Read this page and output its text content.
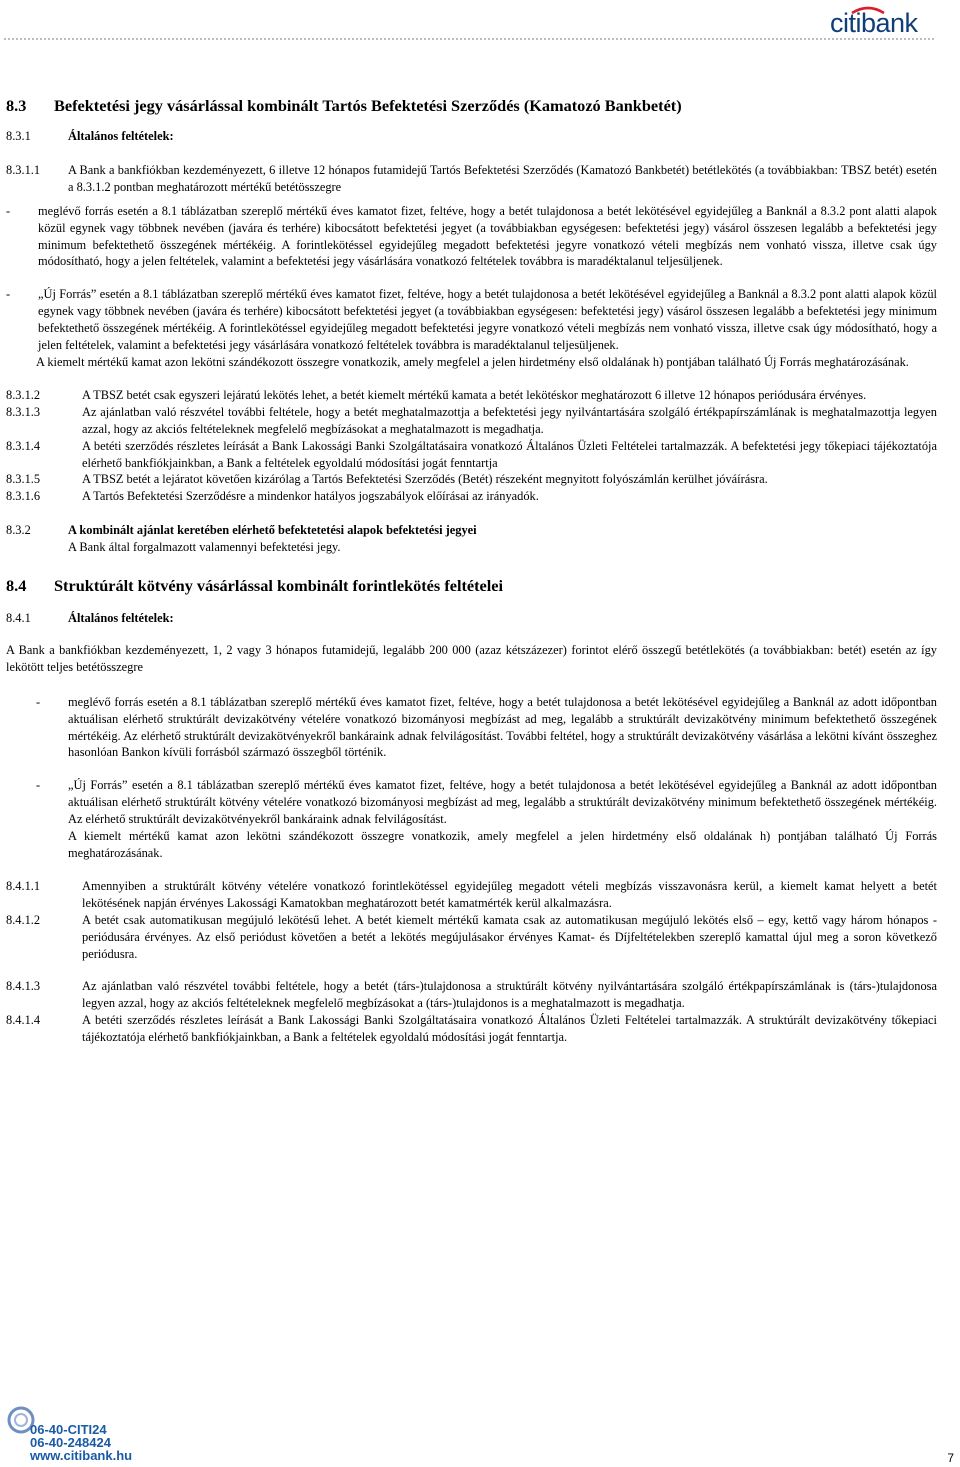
citibank
8.3	Befektetési jegy vásárlással kombinált Tartós Befektetési Szerződés (Kamatozó Bankbetét)
8.3.1	Általános feltételek:
8.3.1.1	A Bank a bankfiókban kezdeményezett, 6 illetve 12 hónapos futamidejű Tartós Befektetési Szerződés (Kamatozó Bankbetét) betétlekötés (a továbbiakban: TBSZ betét) esetén a 8.3.1.2 pontban meghatározott mértékű betétösszegre
-	meglévő forrás esetén a 8.1 táblázatban szereplő mértékű éves kamatot fizet, feltéve, hogy a betét tulajdonosa a betét lekötésével egyidejűleg a Banknál a 8.3.2 pont alatti alapok közül egynek vagy többnek nevében (javára és terhére) kibocsátott befektetési jegyet (a továbbiakban egységesen: befektetési jegy) vásárol összesen legalább a befektetési jegy minimum befektethető összegének mértékéig. A forintlekötéssel egyidejűleg megadott befektetési jegyre vonatkozó vételi megbízás nem vonható vissza, illetve csak úgy módosítható, hogy a jelen feltételek, valamint a befektetési jegy vásárlására vonatkozó feltételek továbbra is maradéktalanul teljesüljenek.
-	„Új Forrás” esetén a 8.1 táblázatban szereplő mértékű éves kamatot fizet, feltéve, hogy a betét tulajdonosa a betét lekötésével egyidejűleg a Banknál a 8.3.2 pont alatti alapok közül egynek vagy többnek nevében (javára és terhére) kibocsátott befektetési jegyet (a továbbiakban egységesen: befektetési jegy) vásárol összesen legalább a befektetési jegy minimum befektethető összegének mértékéig. A forintlekötéssel egyidejűleg megadott befektetési jegyre vonatkozó vételi megbízás nem vonható vissza, illetve csak úgy módosítható, hogy a jelen feltételek, valamint a befektetési jegy vásárlására vonatkozó feltételek továbbra is maradéktalanul teljesüljenek.
A kiemelt mértékű kamat azon lekötni szándékozott összegre vonatkozik, amely megfelel a jelen hirdetmény első oldalának h) pontjában található Új Forrás meghatározásának.
8.3.1.2	A TBSZ betét csak egyszeri lejáratú lekötés lehet, a betét kiemelt mértékű kamata a betét lekötéskor meghatározott 6 illetve 12 hónapos periódusára érvényes.
8.3.1.3	Az ajánlatban való részvétel további feltétele, hogy a betét meghatalmazottja a befektetési jegy nyilvántartására szolgáló értékpapírszámlának is meghatalmazottja legyen azzal, hogy az akciós feltételeknek megfelelő megbízásokat a meghatalmazott is megadhatja.
8.3.1.4	A betéti szerződés részletes leírását a Bank Lakossági Banki Szolgáltatásaira vonatkozó Általános Üzleti Feltételei tartalmazzák. A befektetési jegy tőkepiaci tájékoztatója elérhető bankfiókjainkban, a Bank a feltételek egyoldalú módosítási jogát fenntartja
8.3.1.5	A TBSZ betét a lejáratot követően kizárólag a Tartós Befektetési Szerződés (Betét) részeként megnyitott folyószámlán kerülhet jóváírásra.
8.3.1.6	A Tartós Befektetési Szerződésre a mindenkor hatályos jogszabályok előírásai az irányadók.
8.3.2	A kombinált ajánlat keretében elérhető befektetetési alapok befektetési jegyei
A Bank által forgalmazott valamennyi befektetési jegy.
8.4	Struktúrált kötvény vásárlással kombinált forintlekötés feltételei
8.4.1	Általános feltételek:
A Bank a bankfiókban kezdeményezett, 1, 2 vagy 3 hónapos futamidejű, legalább 200 000 (azaz kétszázezer) forintot elérő összegű betétlekötés (a továbbiakban: betét) esetén az így lekötött teljes betétösszegre
-	meglévő forrás esetén a 8.1 táblázatban szereplő mértékű éves kamatot fizet, feltéve, hogy a betét tulajdonosa a betét lekötésével egyidejűleg a Banknál az adott időpontban aktuálisan elérhető struktúrált devizakötvény vételére vonatkozó bizományosi megbízást ad meg, legalább a struktúrált devizakötvény minimum befektethető összegének mértékéig. Az elérhető struktúrált devizakötvényekről bankáraink adnak felvilágosítást. További feltétel, hogy a struktúrált devizakötvény vásárlása a lekötni kívánt összeghez hasonlóan Bankon kívüli forrásból származó összegből történik.
-	„Új Forrás” esetén a 8.1 táblázatban szereplő mértékű éves kamatot fizet, feltéve, hogy a betét tulajdonosa a betét lekötésével egyidejűleg a Banknál az adott időpontban aktuálisan elérhető struktúrált kötvény vételére vonatkozó bizományosi megbízást ad meg, legalább a struktúrált devizakötvény minimum befektethető összegének mértékéig. Az elérhető struktúrált devizakötvényekről bankáraink adnak felvilágosítást.
A kiemelt mértékű kamat azon lekötni szándékozott összegre vonatkozik, amely megfelel a jelen hirdetmény első oldalának h) pontjában található Új Forrás meghatározásának.
8.4.1.1	Amennyiben a struktúrált kötvény vételére vonatkozó forintlekötéssel egyidejűleg megadott vételi megbízás visszavonásra kerül, a kiemelt kamat helyett a betét lekötésének napján érvényes Lakossági Kamatokban meghatározott betét kamatmérték kerül alkalmazásra.
8.4.1.2	A betét csak automatikusan megújuló lekötésű lehet. A betét kiemelt mértékű kamata csak az automatikusan megújuló lekötés első – egy, kettő vagy három hónapos - periódusára érvényes. Az első periódust követően a betét a lekötés megújulásakor érvényes Kamat- és Díjfeltételekben szereplő kamattal újul meg a soron következő periódusra.
8.4.1.3	Az ajánlatban való részvétel további feltétele, hogy a betét (társ-)tulajdonosa a struktúrált kötvény nyilvántartására szolgáló értékpapírszámlának is (társ-)tulajdonosa legyen azzal, hogy az akciós feltételeknek megfelelő megbízásokat a (társ-)tulajdonos is a meghatalmazott is megadhatja.
8.4.1.4	A betéti szerződés részletes leírását a Bank Lakossági Banki Szolgáltatásaira vonatkozó Általános Üzleti Feltételei tartalmazzák. A struktúrált devizakötvény tőkepiaci tájékoztatója elérhető bankfiókjainkban, a Bank a feltételek egyoldalú módosítási jogát fenntartja.
06-40-CITI24
06-40-248424
www.citibank.hu	7
